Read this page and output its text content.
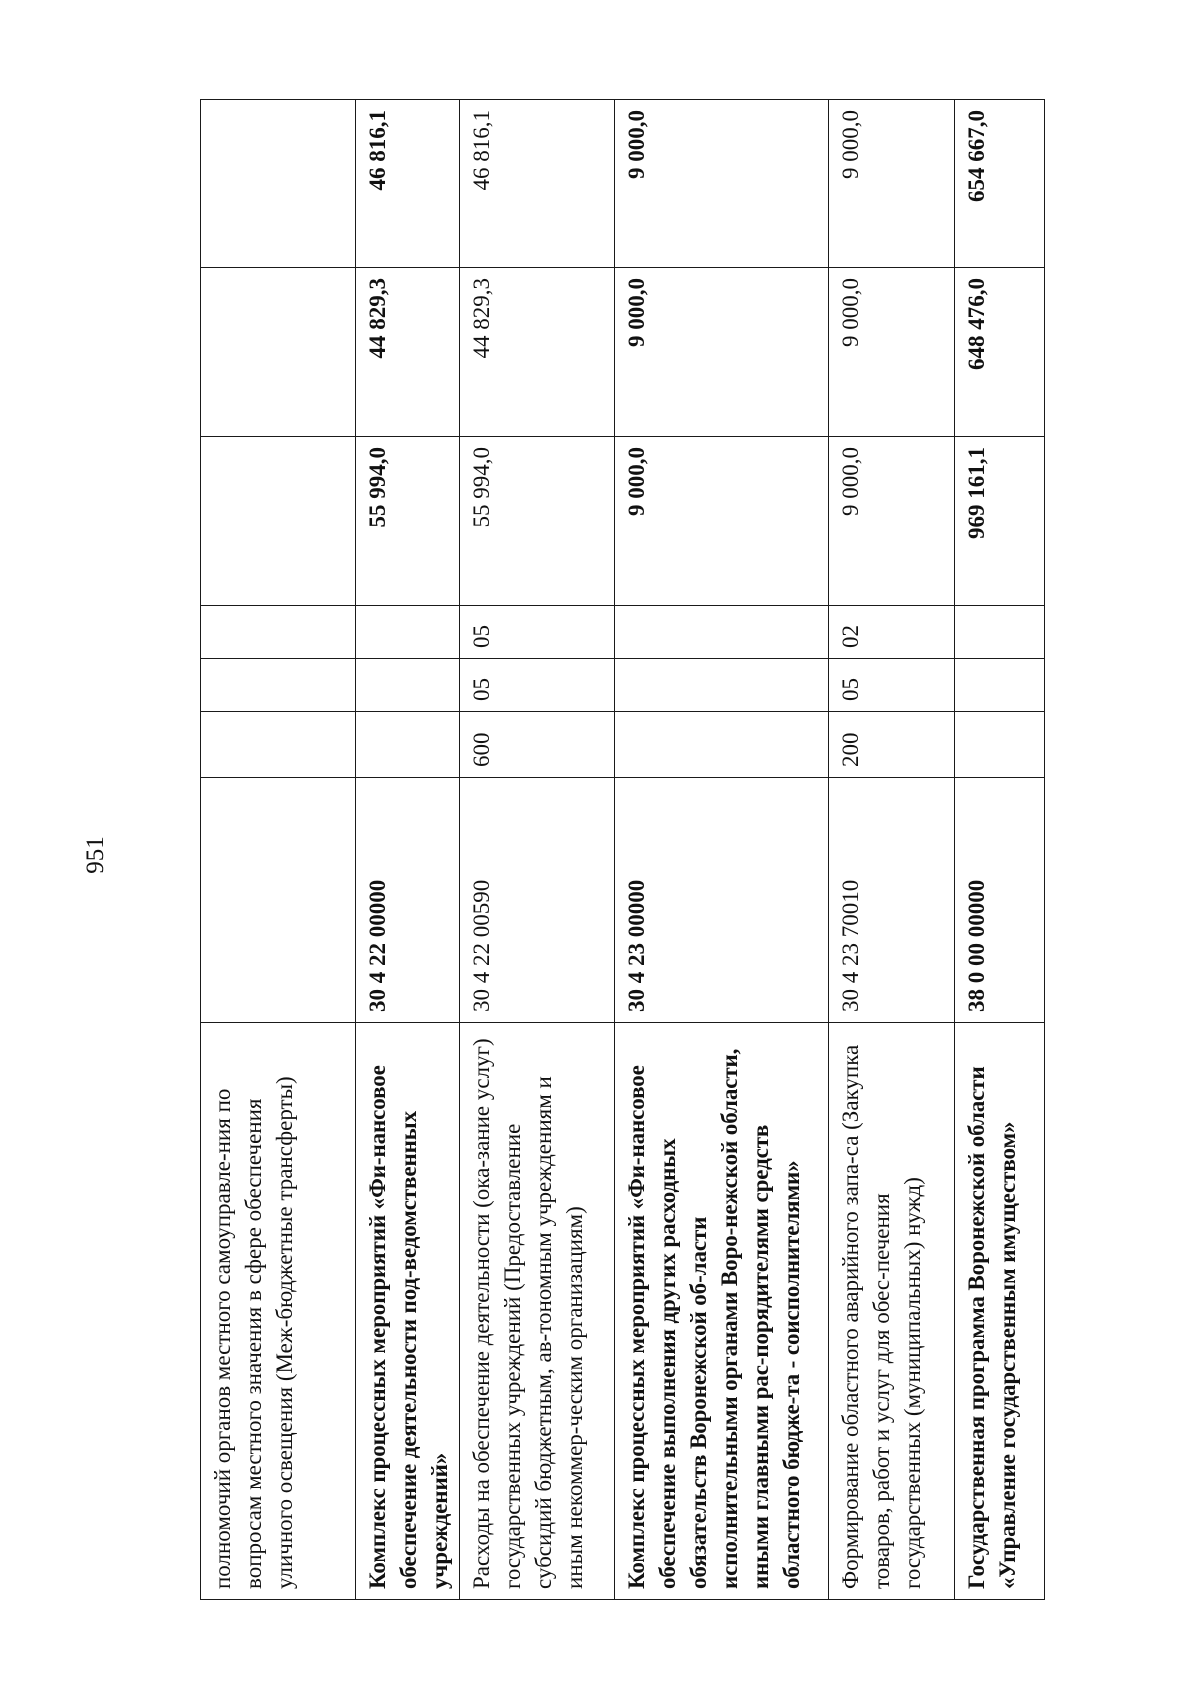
951
полномочий органов местного самоуправле-ния по вопросам местного значения в сфере обеспечения уличного освещения (Меж-бюджетные трансферты)							
Комплекс процессных мероприятий «Фи-нансовое обеспечение деятельности под-ведомственных учреждений»	30 4 22 00000				55 994,0	44 829,3	46 816,1
Расходы на обеспечение деятельности (ока-зание услуг) государственных учреждений (Предоставление субсидий бюджетным, ав-тономным учреждениям и иным некоммер-ческим организациям)	30 4 22 00590	600	05	05	55 994,0	44 829,3	46 816,1
Комплекс процессных мероприятий «Фи-нансовое обеспечение выполнения других расходных обязательств Воронежской об-ласти исполнительными органами Воро-нежской области, иными главными рас-порядителями средств областного бюдже-та - соисполнителями»	30 4 23 00000				9 000,0	9 000,0	9 000,0
Формирование областного аварийного запа-са (Закупка товаров, работ и услуг для обес-печения государственных (муниципальных) нужд)	30 4 23 70010	200	05	02	9 000,0	9 000,0	9 000,0
Государственная программа Воронежской области «Управление государственным имуществом»	38 0 00 00000				969 161,1	648 476,0	654 667,0
